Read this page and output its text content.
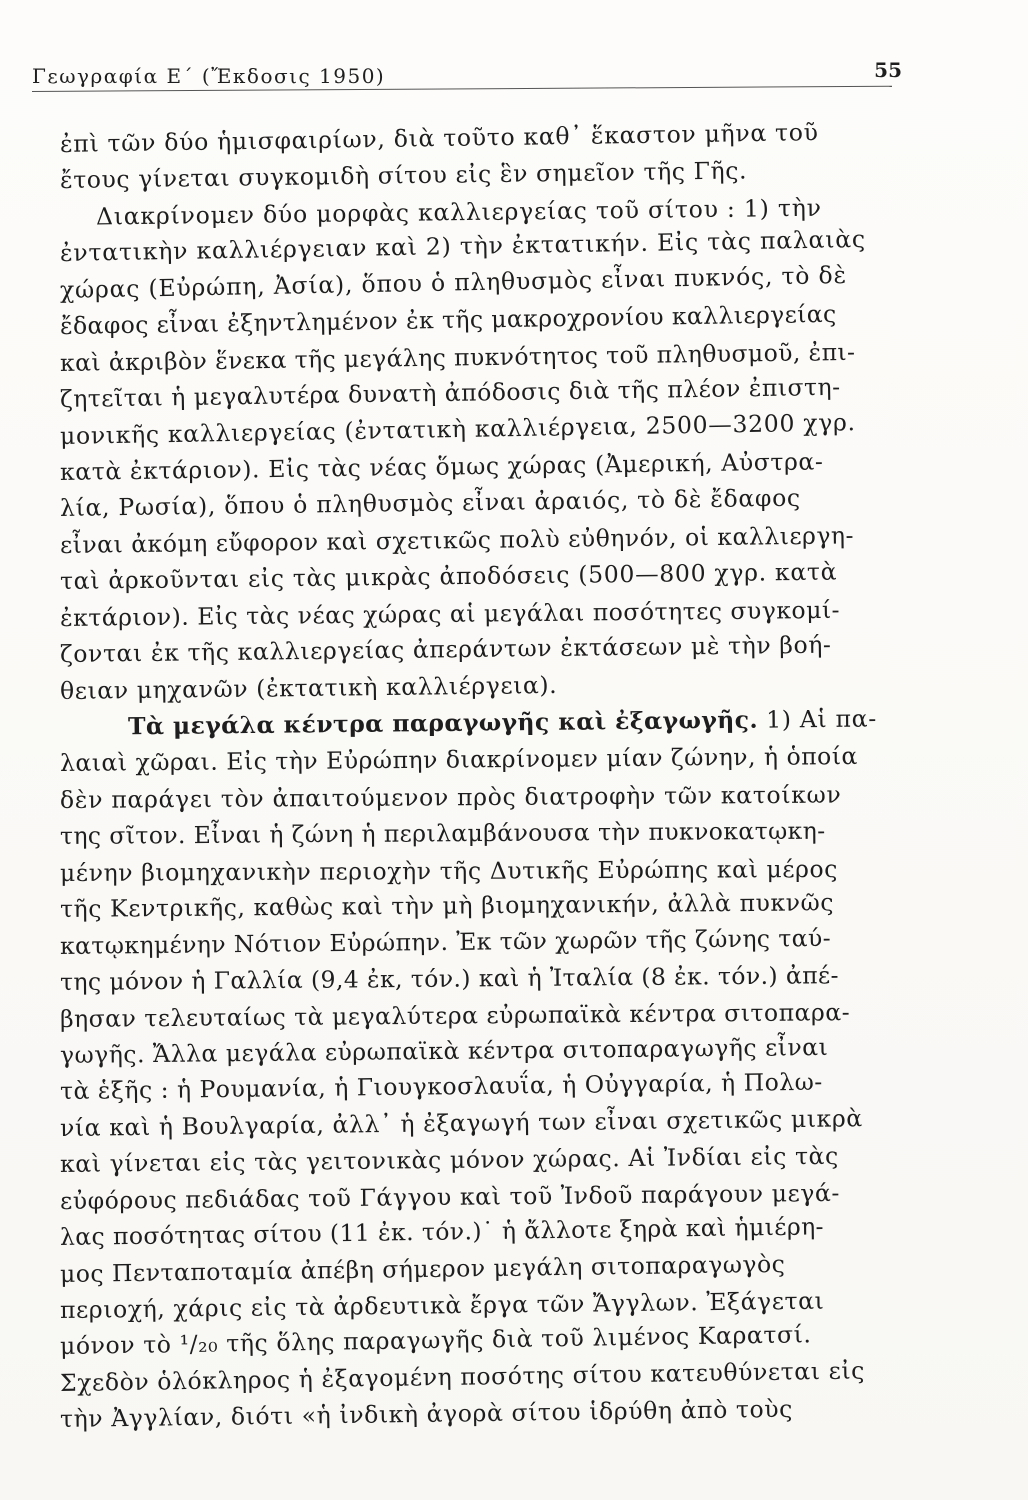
Γεωγραφία Ε΄ (Ἔκδοσις 1950)	55
ἐπὶ τῶν δύο ἡμισφαιρίων, διὰ τοῦτο καθ᾽ ἕκαστον μῆνα τοῦ
ἔτους γίνεται συγκομιδὴ σίτου εἰς ἓν σημεῖον τῆς Γῆς.
Διακρίνομεν δύο μορφὰς καλλιεργείας τοῦ σίτου : 1) τὴν
ἐντατικὴν καλλιέργειαν καὶ 2) τὴν ἐκτατικήν. Εἰς τὰς παλαιὰς
χώρας (Εὐρώπη, Ἀσία), ὅπου ὁ πληθυσμὸς εἶναι πυκνός, τὸ δὲ
ἔδαφος εἶναι ἐξηντλημένον ἐκ τῆς μακροχρονίου καλλιεργείας
καὶ ἀκριβὸν ἕνεκα τῆς μεγάλης πυκνότητος τοῦ πληθυσμοῦ, ἐπι-
ζητεῖται ἡ μεγαλυτέρα δυνατὴ ἀπόδοσις διὰ τῆς πλέον ἐπιστη-
μονικῆς καλλιεργείας (ἐντατικὴ καλλιέργεια, 2500—3200 χγρ.
κατὰ ἐκτάριον). Εἰς τὰς νέας ὅμως χώρας (Ἀμερική, Αὐστρα-
λία, Ρωσία), ὅπου ὁ πληθυσμὸς εἶναι ἀραιός, τὸ δὲ ἔδαφος
εἶναι ἀκόμη εὔφορον καὶ σχετικῶς πολὺ εὐθηνόν, οἱ καλλιεργη-
ταὶ ἀρκοῦνται εἰς τὰς μικρὰς ἀποδόσεις (500—800 χγρ. κατὰ
ἐκτάριον). Εἰς τὰς νέας χώρας αἱ μεγάλαι ποσότητες συγκομί-
ζονται ἐκ τῆς καλλιεργείας ἀπεράντων ἐκτάσεων μὲ τὴν βοή-
θειαν μηχανῶν (ἐκτατικὴ καλλιέργεια).
Τὰ μεγάλα κέντρα παραγωγῆς καὶ ἐξαγωγῆς. 1) Αἱ πα-
λαιαὶ χῶραι. Εἰς τὴν Εὐρώπην διακρίνομεν μίαν ζώνην, ἡ ὁποία
δὲν παράγει τὸν ἀπαιτούμενον πρὸς διατροφὴν τῶν κατοίκων
της σῖτον. Εἶναι ἡ ζώνη ἡ περιλαμβάνουσα τὴν πυκνοκατῳκη-
μένην βιομηχανικὴν περιοχὴν τῆς Δυτικῆς Εὐρώπης καὶ μέρος
τῆς Κεντρικῆς, καθὼς καὶ τὴν μὴ βιομηχανικήν, ἀλλὰ πυκνῶς
κατῳκημένην Νότιον Εὐρώπην. Ἐκ τῶν χωρῶν τῆς ζώνης ταύ-
της μόνον ἡ Γαλλία (9,4 ἐκ, τόν.) καὶ ἡ Ἰταλία (8 ἐκ. τόν.) ἀπέ-
βησαν τελευταίως τὰ μεγαλύτερα εὐρωπαϊκὰ κέντρα σιτοπαρα-
γωγῆς. Ἄλλα μεγάλα εὐρωπαϊκὰ κέντρα σιτοπαραγωγῆς εἶναι
τὰ ἑξῆς : ἡ Ρουμανία, ἡ Γιουγκοσλαυΐα, ἡ Οὐγγαρία, ἡ Πολω-
νία καὶ ἡ Βουλγαρία, ἀλλ᾽ ἡ ἐξαγωγή των εἶναι σχετικῶς μικρὰ
καὶ γίνεται εἰς τὰς γειτονικὰς μόνον χώρας. Αἱ Ἰνδίαι εἰς τὰς
εὐφόρους πεδιάδας τοῦ Γάγγου καὶ τοῦ Ἰνδοῦ παράγουν μεγά-
λας ποσότητας σίτου (11 ἐκ. τόν.)˙ ἡ ἄλλοτε ξηρὰ καὶ ἡμιέρη-
μος Πενταποταμία ἀπέβη σήμερον μεγάλη σιτοπαραγωγὸς
περιοχή, χάρις εἰς τὰ ἀρδευτικὰ ἔργα τῶν Ἄγγλων. Ἐξάγεται
μόνον τὸ ¹/₂₀ τῆς ὅλης παραγωγῆς διὰ τοῦ λιμένος Καρατσί.
Σχεδὸν ὁλόκληρος ἡ ἐξαγομένη ποσότης σίτου κατευθύνεται εἰς
τὴν Ἀγγλίαν, διότι «ἡ ἰνδικὴ ἀγορὰ σίτου ἱδρύθη ἀπὸ τοὺς
